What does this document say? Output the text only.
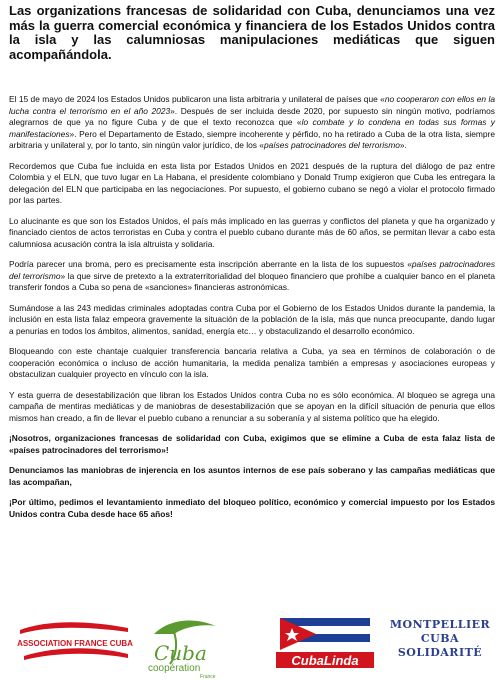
Las organizations francesas de solidaridad con Cuba, denunciamos una vez más la guerra comercial económica y financiera de los Estados Unidos contra la isla y las calumniosas manipulaciones mediáticas que siguen acompañándola.

El 15 de mayo de 2024 los Estados Unidos publicaron una lista arbitraria y unilateral de países que «no cooperaron con ellos en la lucha contra el terrorismo en el año 2023». Después de ser incluida desde 2020, por supuesto sin ningún motivo, podríamos alegrarnos de que ya no figure Cuba y de que el texto reconozca que «lo combate y lo condena en todas sus formas y manifestaciones». Pero el Departamento de Estado, siempre incoherente y pérfido, no ha retirado a Cuba de la otra lista, siempre arbitraria y unilateral y, por lo tanto, sin ningún valor jurídico, de los «países patrocinadores del terrorismo».

Recordemos que Cuba fue incluida en esta lista por Estados Unidos en 2021 después de la ruptura del diálogo de paz entre Colombia y el ELN, que tuvo lugar en La Habana, el presidente colombiano y Donald Trump exigieron que Cuba les entregara la delegación del ELN que participaba en las negociaciones. Por supuesto, el gobierno cubano se negó a violar el protocolo firmado por las partes.

Lo alucinante es que son los Estados Unidos, el país más implicado en las guerras y conflictos del planeta y que ha organizado y financiado cientos de actos terroristas en Cuba y contra el pueblo cubano durante más de 60 años, se permitan llevar a cabo esta calumniosa acusación contra la isla altruista y solidaria.

Podría parecer una broma, pero es precisamente esta inscripción aberrante en la lista de los supuestos «países patrocinadores del terrorismo» la que sirve de pretexto a la extraterritorialidad del bloqueo financiero que prohíbe a cualquier banco en el planeta transferir fondos a Cuba so pena de «sanciones» financieras astronómicas.

Sumándose a las 243 medidas criminales adoptadas contra Cuba por el Gobierno de los Estados Unidos durante la pandemia, la inclusión en esta lista falaz empeora gravemente la situación de la población de la isla, más que nunca preocupante, dando lugar a penurias en todos los ámbitos, alimentos, sanidad, energía etc… y obstaculizando el desarrollo económico.

Bloqueando con este chantaje cualquier transferencia bancaria relativa a Cuba, ya sea en términos de colaboración o de cooperación económica o incluso de acción humanitaria, la medida penaliza también a empresas y asociaciones europeas y obstaculizan cualquier proyecto en vínculo con la isla.

Y esta guerra de desestabilización que libran los Estados Unidos contra Cuba no es sólo económica. Al bloqueo se agrega una campaña de mentiras mediáticas y de maniobras de desestabilización que se apoyan en la difícil situación de penuria que ellos mismos han creado, a fin de llevar el pueblo cubano a renunciar a su soberanía y al sistema político que ha elegido.

¡Nosotros, organizaciones francesas de solidaridad con Cuba, exigimos que se elimine a Cuba de esta falaz lista de «países patrocinadores del terrorismo»!

Denunciamos las maniobras de injerencia en los asuntos internos de ese país soberano y las campañas mediáticas que las acompañan,

¡Por último, pedimos el levantamiento inmediato del bloqueo político, económico y comercial impuesto por los Estados Unidos contra Cuba desde hace 65 años!

ASSOCIATION FRANCE CUBA Cuba
coopération
France
CubaLinda
MONTPELLIER
CUBA
SOLIDARITÉ
